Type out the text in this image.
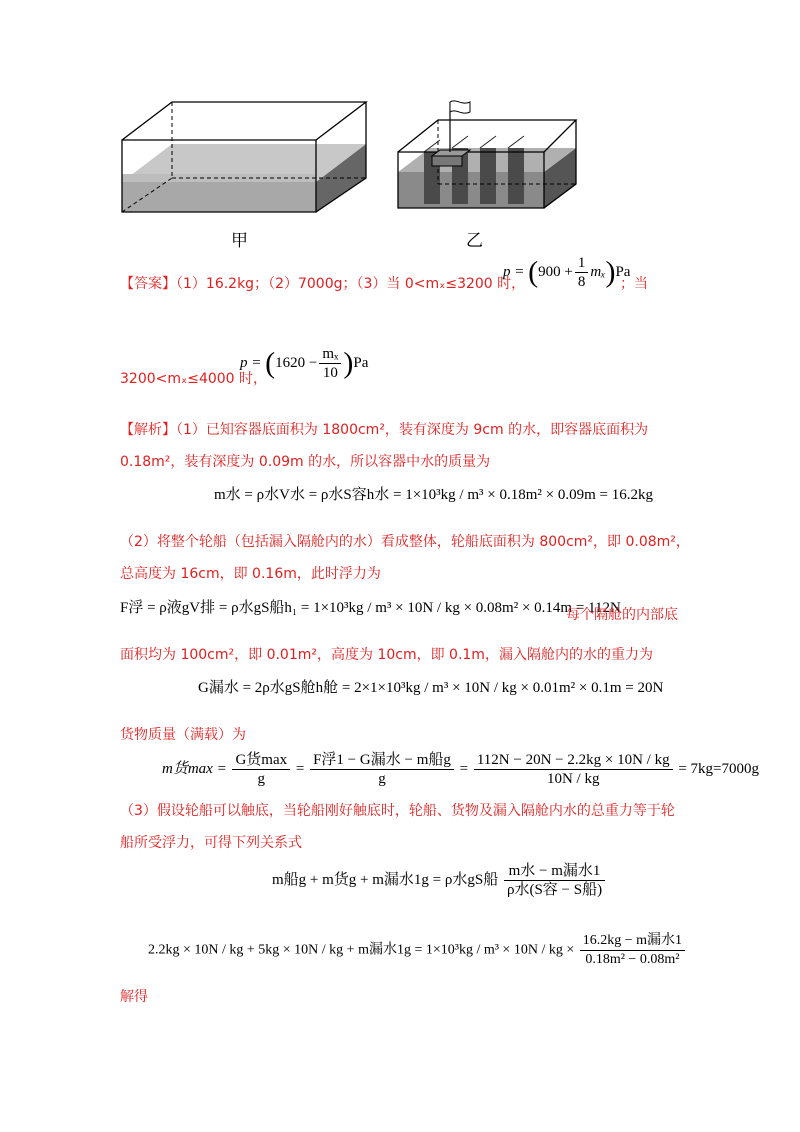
甲	乙
【答案】（1）16.2kg；（2）7000g；（3）当 0<mₓ≤3200 时，
$p = (900 + \frac{1}{8} m_x)Pa$
；当
$p = (1620 - \frac{\text{mₓ}}{10} )Pa$
3200<mₓ≤4000 时，
【解析】（1）已知容器底面积为 1800cm²，装有深度为 9cm 的水，即容器底面积为
0.18m²，装有深度为 0.09m 的水，所以容器中水的质量为
m水 = ρ水V水 = ρ水S容h水 = 1×10³kg / m³ × 0.18m² × 0.09m = 16.2kg
（2）将整个轮船（包括漏入隔舱内的水）看成整体，轮船底面积为 800cm²，即 0.08m²，
总高度为 16cm，即 0.16m，此时浮力为
F浮 = ρ液gV排 = ρ水gS船h₁ = 1×10³kg / m³ × 10N / kg × 0.08m² × 0.14m = 112N
每个隔舱的内部底
面积均为 100cm²，即 0.01m²，高度为 10cm，即 0.1m，漏入隔舱内的水的重力为
G漏水 = 2ρ水gS舱h舱 = 2×1×10³kg / m³ × 10N / kg × 0.01m² × 0.1m = 20N
货物质量（满载）为
m货$\max = \frac{\text{G货max}}{g} = \frac{\text{F浮1 − G漏水 − m船g}}{g} = \frac{112N - 20N - 2.2kg \times 10N / kg}{10N / kg} = 7kg=7000g$
（3）假设轮船可以触底，当轮船刚好触底时，轮船、货物及漏入隔舱内水的总重力等于轮
船所受浮力，可得下列关系式
m船g + m货g + m漏水1g = ρ水gS船 $\frac{\text{m水 − m漏水1}}{\text{ρ水(S容 − S船)}}$
2.2kg × 10N / kg + 5kg × 10N / kg + m漏水1g = 1×10³kg / m³ × 10N / kg × $\frac{\text{16.2kg − m漏水1}}{\text{0.18m² − 0.08m²}}$
解得
